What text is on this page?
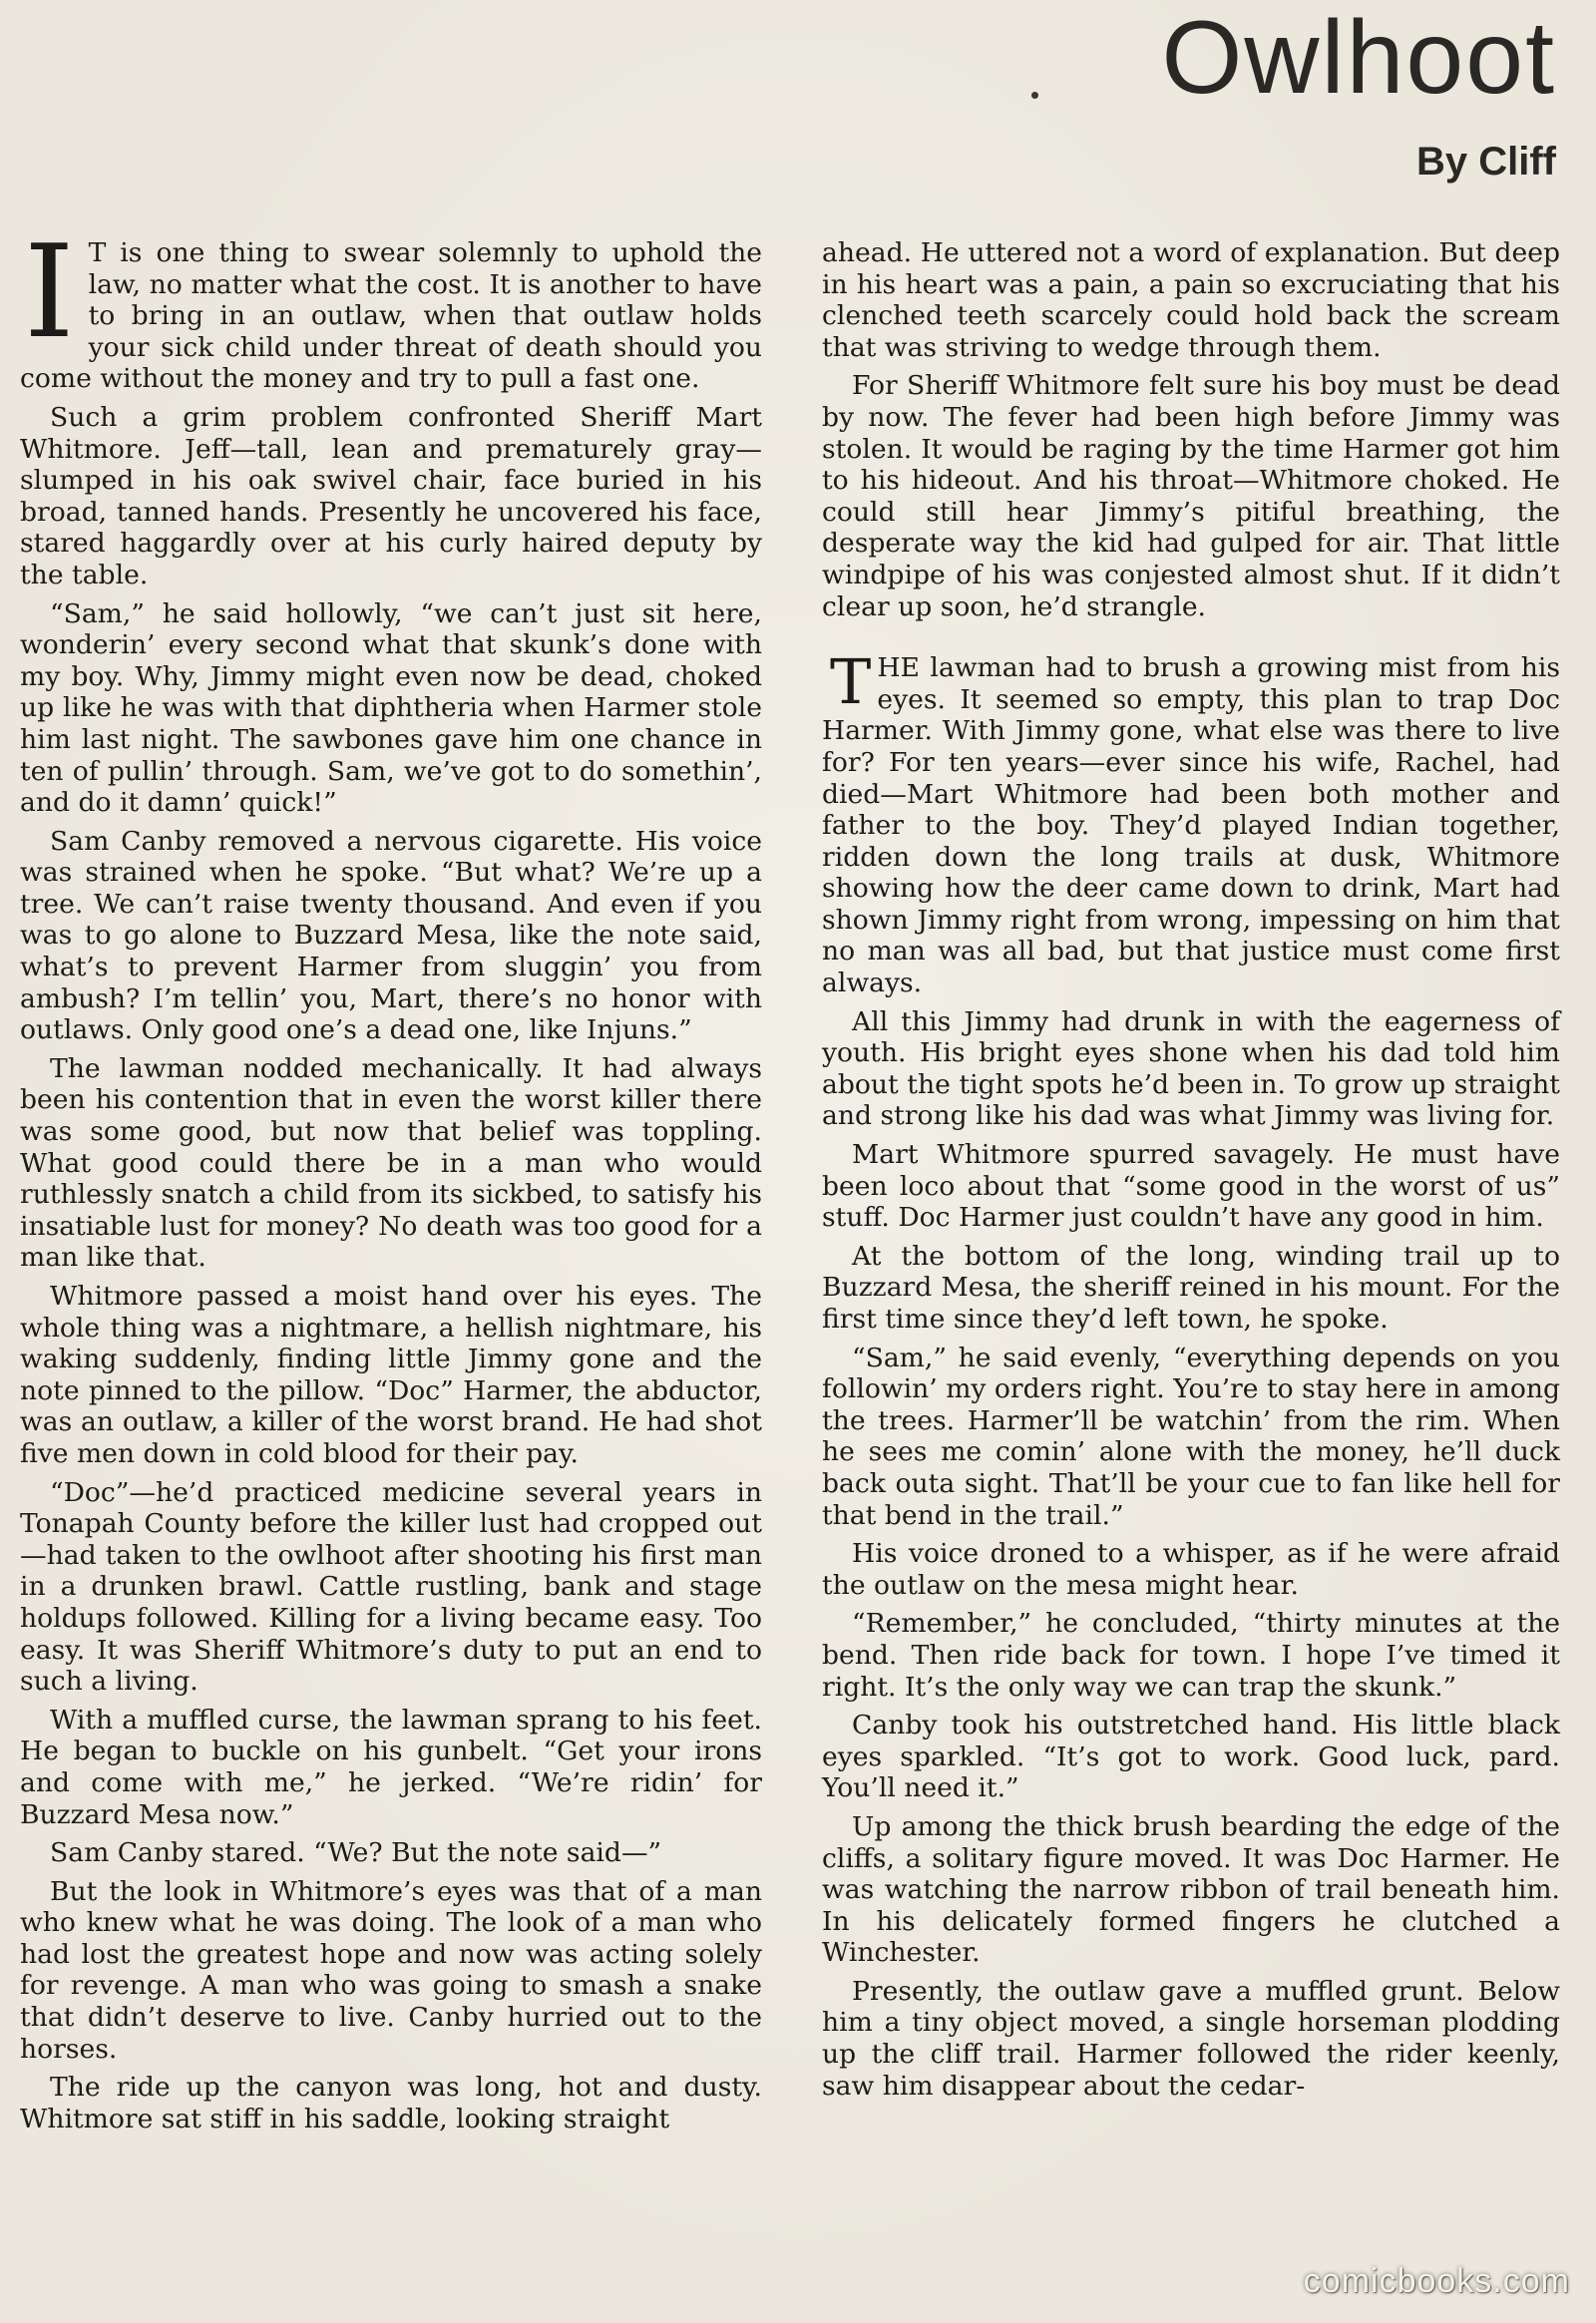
Owlhoot
By Cliff

I T is one thing to swear solemnly to uphold the law, no matter what the cost. It is another to have to bring in an outlaw, when that outlaw holds your sick child under threat of death should you come without the money and try to pull a fast one.

Such a grim problem confronted Sheriff Mart Whitmore. Jeff—tall, lean and prematurely gray—slumped in his oak swivel chair, face buried in his broad, tanned hands. Presently he uncovered his face, stared haggardly over at his curly haired deputy by the table.

“Sam,” he said hollowly, “we can’t just sit here, wonderin’ every second what that skunk’s done with my boy. Why, Jimmy might even now be dead, choked up like he was with that diphtheria when Harmer stole him last night. The sawbones gave him one chance in ten of pullin’ through. Sam, we’ve got to do somethin’, and do it damn’ quick!”

Sam Canby removed a nervous cigarette. His voice was strained when he spoke. “But what? We’re up a tree. We can’t raise twenty thousand. And even if you was to go alone to Buzzard Mesa, like the note said, what’s to prevent Harmer from sluggin’ you from ambush? I’m tellin’ you, Mart, there’s no honor with outlaws. Only good one’s a dead one, like Injuns.”

The lawman nodded mechanically. It had always been his contention that in even the worst killer there was some good, but now that belief was toppling. What good could there be in a man who would ruthlessly snatch a child from its sickbed, to satisfy his insatiable lust for money? No death was too good for a man like that.

Whitmore passed a moist hand over his eyes. The whole thing was a nightmare, a hellish nightmare, his waking suddenly, finding little Jimmy gone and the note pinned to the pillow. “Doc” Harmer, the abductor, was an outlaw, a killer of the worst brand. He had shot five men down in cold blood for their pay.

“Doc”—he’d practiced medicine several years in Tonapah County before the killer lust had cropped out—had taken to the owlhoot after shooting his first man in a drunken brawl. Cattle rustling, bank and stage holdups followed. Killing for a living became easy. Too easy. It was Sheriff Whitmore’s duty to put an end to such a living.

With a muffled curse, the lawman sprang to his feet. He began to buckle on his gunbelt. “Get your irons and come with me,” he jerked. “We’re ridin’ for Buzzard Mesa now.”

Sam Canby stared. “We? But the note said—”

But the look in Whitmore’s eyes was that of a man who knew what he was doing. The look of a man who had lost the greatest hope and now was acting solely for revenge. A man who was going to smash a snake that didn’t deserve to live. Canby hurried out to the horses.

The ride up the canyon was long, hot and dusty. Whitmore sat stiff in his saddle, looking straight

ahead. He uttered not a word of explanation. But deep in his heart was a pain, a pain so excruciating that his clenched teeth scarcely could hold back the scream that was striving to wedge through them.

For Sheriff Whitmore felt sure his boy must be dead by now. The fever had been high before Jimmy was stolen. It would be raging by the time Harmer got him to his hideout. And his throat—Whitmore choked. He could still hear Jimmy’s pitiful breathing, the desperate way the kid had gulped for air. That little windpipe of his was conjested almost shut. If it didn’t clear up soon, he’d strangle.

THE lawman had to brush a growing mist from his eyes. It seemed so empty, this plan to trap Doc Harmer. With Jimmy gone, what else was there to live for? For ten years—ever since his wife, Rachel, had died—Mart Whitmore had been both mother and father to the boy. They’d played Indian together, ridden down the long trails at dusk, Whitmore showing how the deer came down to drink, Mart had shown Jimmy right from wrong, impessing on him that no man was all bad, but that justice must come first always.

All this Jimmy had drunk in with the eagerness of youth. His bright eyes shone when his dad told him about the tight spots he’d been in. To grow up straight and strong like his dad was what Jimmy was living for.

Mart Whitmore spurred savagely. He must have been loco about that “some good in the worst of us” stuff. Doc Harmer just couldn’t have any good in him.

At the bottom of the long, winding trail up to Buzzard Mesa, the sheriff reined in his mount. For the first time since they’d left town, he spoke.

“Sam,” he said evenly, “everything depends on you followin’ my orders right. You’re to stay here in among the trees. Harmer’ll be watchin’ from the rim. When he sees me comin’ alone with the money, he’ll duck back outa sight. That’ll be your cue to fan like hell for that bend in the trail.”

His voice droned to a whisper, as if he were afraid the outlaw on the mesa might hear.

“Remember,” he concluded, “thirty minutes at the bend. Then ride back for town. I hope I’ve timed it right. It’s the only way we can trap the skunk.”

Canby took his outstretched hand. His little black eyes sparkled. “It’s got to work. Good luck, pard. You’ll need it.”

Up among the thick brush bearding the edge of the cliffs, a solitary figure moved. It was Doc Harmer. He was watching the narrow ribbon of trail beneath him. In his delicately formed fingers he clutched a Winchester.

Presently, the outlaw gave a muffled grunt. Below him a tiny object moved, a single horseman plodding up the cliff trail. Harmer followed the rider keenly, saw him disappear about the cedar-

comicbooks.com
